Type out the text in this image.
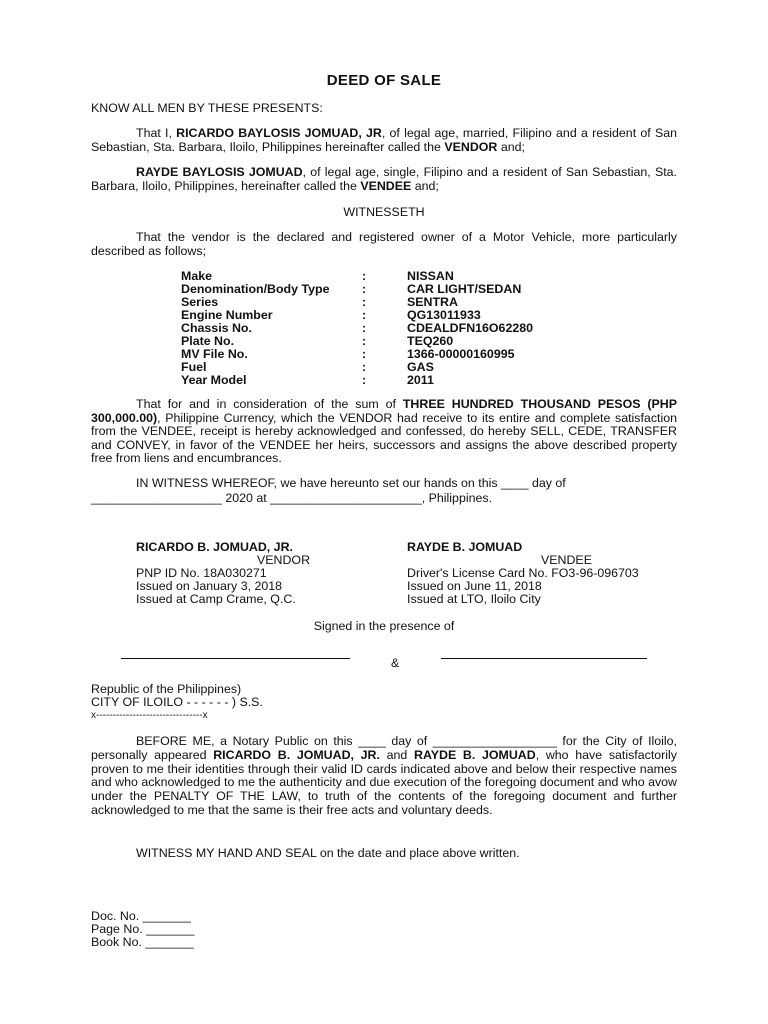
DEED OF SALE
KNOW ALL MEN BY THESE PRESENTS:
That I, RICARDO BAYLOSIS JOMUAD, JR, of legal age, married, Filipino and a resident of San Sebastian, Sta. Barbara, Iloilo, Philippines hereinafter called the VENDOR and;
RAYDE BAYLOSIS JOMUAD, of legal age, single, Filipino and a resident of San Sebastian, Sta. Barbara, Iloilo, Philippines, hereinafter called the VENDEE and;
WITNESSETH
That the vendor is the declared and registered owner of a Motor Vehicle, more particularly described as follows;
Make	:	NISSAN
Denomination/Body Type	:	CAR LIGHT/SEDAN
Series	:	SENTRA
Engine Number	:	QG13011933
Chassis No.	:	CDEALDFN16O62280
Plate No.	:	TEQ260
MV File No.	:	1366-00000160995
Fuel	:	GAS
Year Model	:	2011
That for and in consideration of the sum of THREE HUNDRED THOUSAND PESOS (PHP 300,000.00), Philippine Currency, which the VENDOR had receive to its entire and complete satisfaction from the VENDEE, receipt is hereby acknowledged and confessed, do hereby SELL, CEDE, TRANSFER and CONVEY, in favor of the VENDEE her heirs, successors and assigns the above described property free from liens and encumbrances.
IN WITNESS WHEREOF, we have hereunto set our hands on this ____ day of
___________________ 2020 at ______________________, Philippines.
RICARDO B. JOMUAD, JR.
VENDOR
PNP ID No. 18A030271
Issued on January 3, 2018
Issued at Camp Crame, Q.C.
RAYDE B. JOMUAD
VENDEE
Driver's License Card No. FO3-96-096703
Issued on June 11, 2018
Issued at LTO, Iloilo City
Signed in the presence of
&
Republic of the Philippines)
CITY OF ILOILO - - - - - - ) S.S.
x--------------------------------x
BEFORE ME, a Notary Public on this ____ day of __________________ for the City of Iloilo, personally appeared RICARDO B. JOMUAD, JR. and RAYDE B. JOMUAD, who have satisfactorily proven to me their identities through their valid ID cards indicated above and below their respective names and who acknowledged to me the authenticity and due execution of the foregoing document and who avow under the PENALTY OF THE LAW, to truth of the contents of the foregoing document and further acknowledged to me that the same is their free acts and voluntary deeds.
WITNESS MY HAND AND SEAL on the date and place above written.
Doc. No. _______
Page No. _______
Book No. _______
